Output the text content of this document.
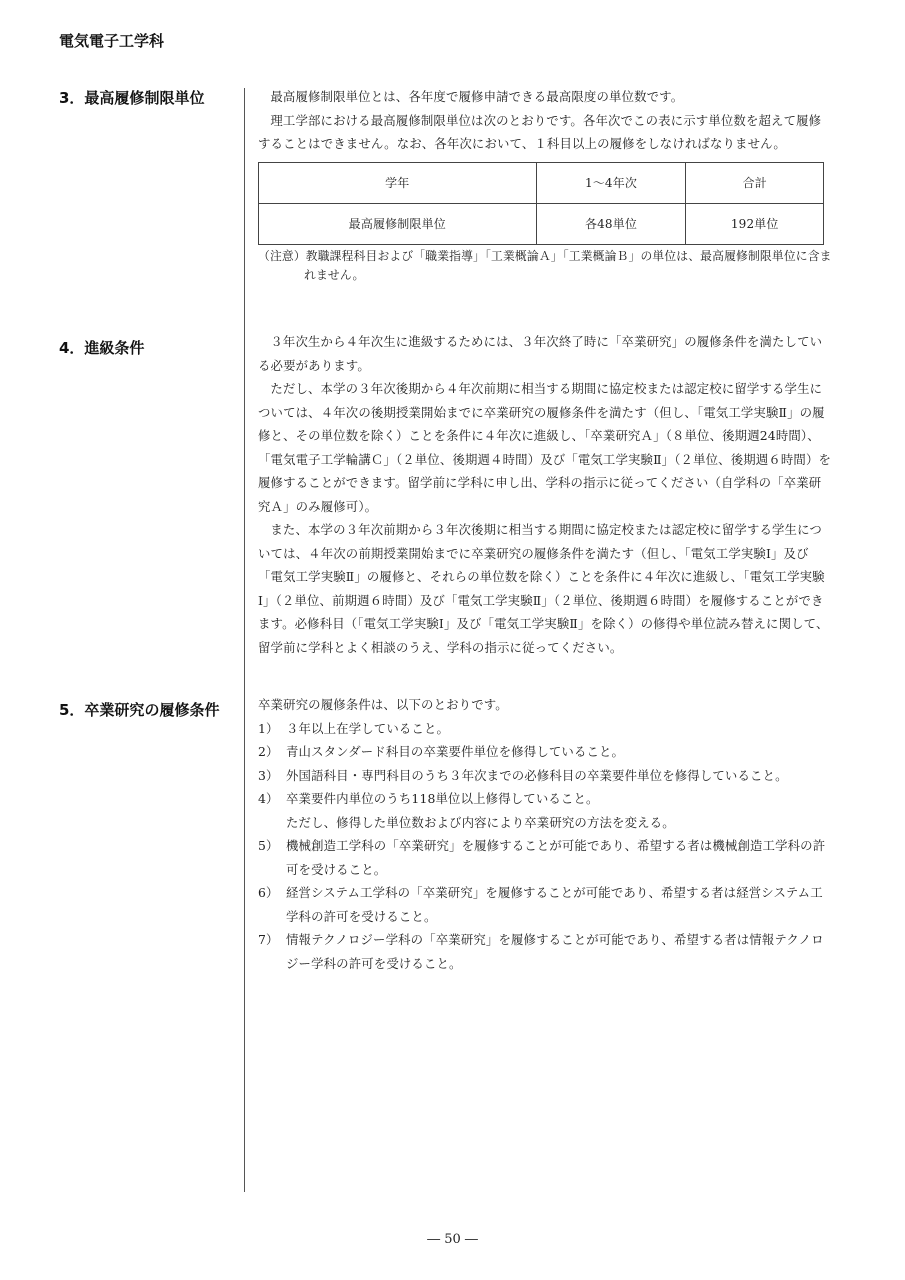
電気電子工学科
3．最高履修制限単位	最高履修制限単位とは、各年度で履修申請できる最高限度の単位数です。

理工学部における最高履修制限単位は次のとおりです。各年次でこの表に示す単位数を超えて履修することはできません。なお、各年次において、１科目以上の履修をしなければなりません。

学年	1～4年次	合計
最高履修制限単位	各48単位	192単位
（注意）教職課程科目および「職業指導」「工業概論Ａ」「工業概論Ｂ」の単位は、最高履修制限単位に含まれません。
4．進級条件	３年次生から４年次生に進級するためには、３年次終了時に「卒業研究」の履修条件を満たしている必要があります。

ただし、本学の３年次後期から４年次前期に相当する期間に協定校または認定校に留学する学生については、４年次の後期授業開始までに卒業研究の履修条件を満たす（但し、「電気工学実験Ⅱ」の履修と、その単位数を除く）ことを条件に４年次に進級し、「卒業研究Ａ」（８単位、後期週24時間）、「電気電子工学輪講Ｃ」（２単位、後期週４時間）及び「電気工学実験Ⅱ」（２単位、後期週６時間）を履修することができます。留学前に学科に申し出、学科の指示に従ってください（自学科の「卒業研究Ａ」のみ履修可）。

また、本学の３年次前期から３年次後期に相当する期間に協定校または認定校に留学する学生については、４年次の前期授業開始までに卒業研究の履修条件を満たす（但し、「電気工学実験Ⅰ」及び「電気工学実験Ⅱ」の履修と、それらの単位数を除く）ことを条件に４年次に進級し、「電気工学実験Ⅰ」（２単位、前期週６時間）及び「電気工学実験Ⅱ」（２単位、後期週６時間）を履修することができます。必修科目（「電気工学実験Ⅰ」及び「電気工学実験Ⅱ」を除く）の修得や単位読み替えに関して、留学前に学科とよく相談のうえ、学科の指示に従ってください。

5．卒業研究の履修条件	卒業研究の履修条件は、以下のとおりです。

1） ３年以上在学していること。
2） 青山スタンダード科目の卒業要件単位を修得していること。
3） 外国語科目・専門科目のうち３年次までの必修科目の卒業要件単位を修得していること。
4） 卒業要件内単位のうち118単位以上修得していること。
ただし、修得した単位数および内容により卒業研究の方法を変える。
5） 機械創造工学科の「卒業研究」を履修することが可能であり、希望する者は機械創造工学科の許可を受けること。
6） 経営システム工学科の「卒業研究」を履修することが可能であり、希望する者は経営システム工学科の許可を受けること。
7） 情報テクノロジー学科の「卒業研究」を履修することが可能であり、希望する者は情報テクノロジー学科の許可を受けること。
― 50 ―
